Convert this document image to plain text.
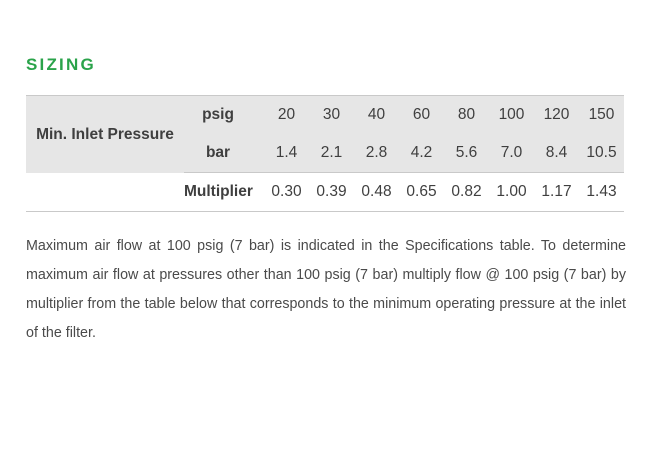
SIZING
Min. Inlet Pressure	psig	20	30	40	60	80	100	120	150
	bar	1.4	2.1	2.8	4.2	5.6	7.0	8.4	10.5
	Multiplier	0.30	0.39	0.48	0.65	0.82	1.00	1.17	1.43

Maximum air flow at 100 psig (7 bar) is indicated in the Specifications table. To determine maximum air flow at pressures other than 100 psig (7 bar) multiply flow @ 100 psig (7 bar) by multiplier from the table below that corresponds to the minimum operating pressure at the inlet of the filter.
